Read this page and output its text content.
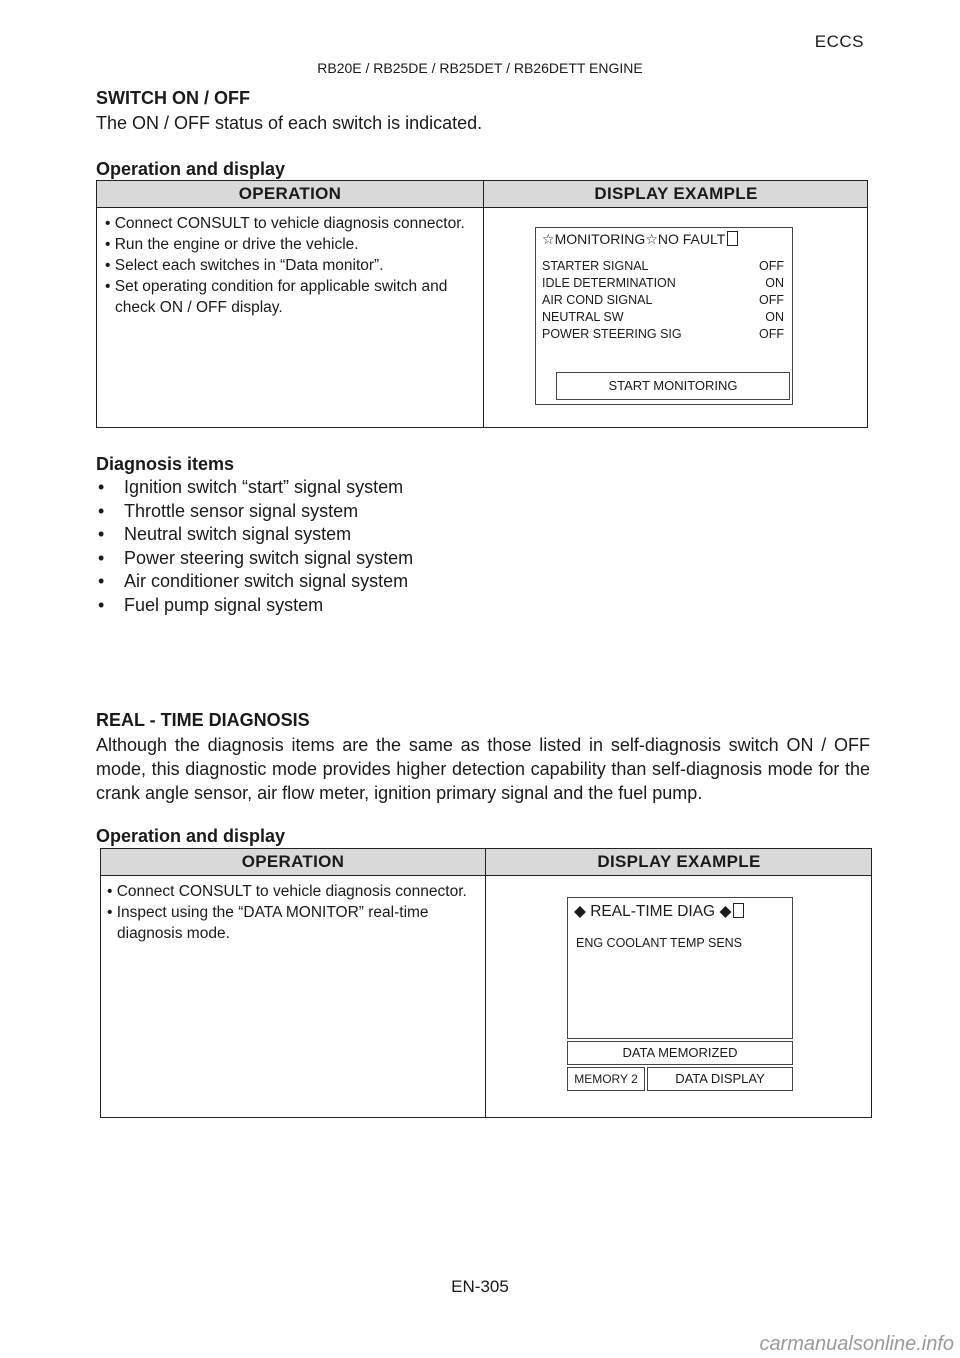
ECCS
RB20E / RB25DE / RB25DET / RB26DETT ENGINE
SWITCH ON / OFF
The ON / OFF status of each switch is indicated.
Operation and display
OPERATION	DISPLAY EXAMPLE

• Connect CONSULT to vehicle diagnosis connector.

• Run the engine or drive the vehicle.

• Select each switches in “Data monitor”.

• Set operating condition for applicable switch and check ON / OFF display.

☆MONITORING☆NO FAULT
STARTER SIGNAL	OFF
IDLE DETERMINATION	ON
AIR COND SIGNAL	OFF
NEUTRAL SW	ON
POWER STEERING SIG	OFF
START MONITORING
Diagnosis items
• Ignition switch “start” signal system
• Throttle sensor signal system
• Neutral switch signal system
• Power steering switch signal system
• Air conditioner switch signal system
• Fuel pump signal system
REAL - TIME DIAGNOSIS
Although the diagnosis items are the same as those listed in self-diagnosis switch ON / OFF mode, this diagnostic mode provides higher detection capability than self-diagnosis mode for the crank angle sensor, air flow meter, ignition primary signal and the fuel pump.
Operation and display
OPERATION	DISPLAY EXAMPLE

• Connect CONSULT to vehicle diagnosis connector.

• Inspect using the “DATA MONITOR” real-time diagnosis mode.

◆ REAL-TIME DIAG ◆
ENG COOLANT TEMP SENS
DATA MEMORIZED
MEMORY 2	DATA DISPLAY
EN-305
carmanualsonline.info
